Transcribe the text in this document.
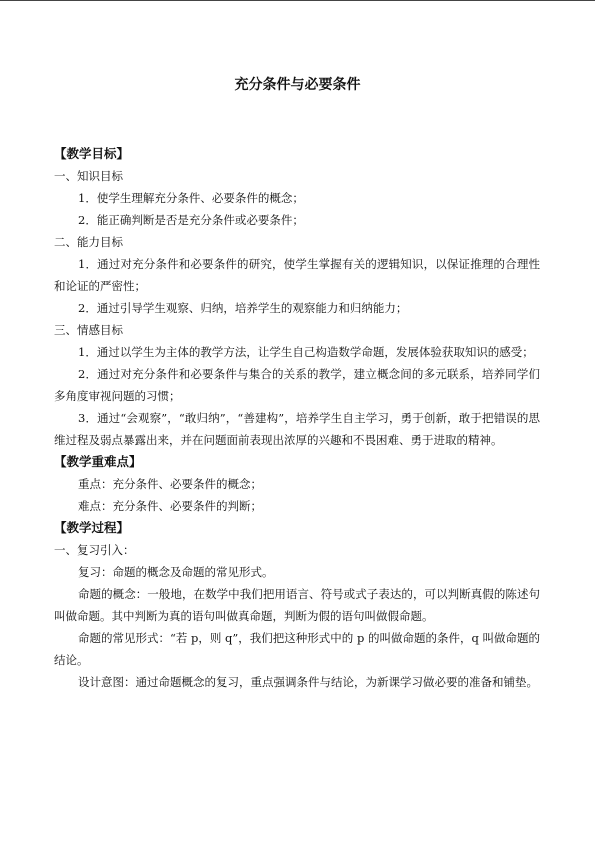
充分条件与必要条件

【教学目标】

一、知识目标

1．使学生理解充分条件、必要条件的概念；

2．能正确判断是否是充分条件或必要条件；

二、能力目标

1．通过对充分条件和必要条件的研究，使学生掌握有关的逻辑知识，以保证推理的合理性和论证的严密性；

2．通过引导学生观察、归纳，培养学生的观察能力和归纳能力；

三、情感目标

1．通过以学生为主体的教学方法，让学生自己构造数学命题，发展体验获取知识的感受；

2．通过对充分条件和必要条件与集合的关系的教学，建立概念间的多元联系，培养同学们多角度审视问题的习惯；

3．通过“会观察”，“敢归纳”，“善建构”，培养学生自主学习，勇于创新，敢于把错误的思维过程及弱点暴露出来，并在问题面前表现出浓厚的兴趣和不畏困难、勇于进取的精神。

【教学重难点】

重点：充分条件、必要条件的概念；

难点：充分条件、必要条件的判断；

【教学过程】

一、复习引入：

复习：命题的概念及命题的常见形式。

命题的概念：一般地，在数学中我们把用语言、符号或式子表达的，可以判断真假的陈述句叫做命题。其中判断为真的语句叫做真命题，判断为假的语句叫做假命题。

命题的常见形式：“若 p，则 q”，我们把这种形式中的 p 的叫做命题的条件，q 叫做命题的结论。

设计意图：通过命题概念的复习，重点强调条件与结论，为新课学习做必要的准备和铺垫。
